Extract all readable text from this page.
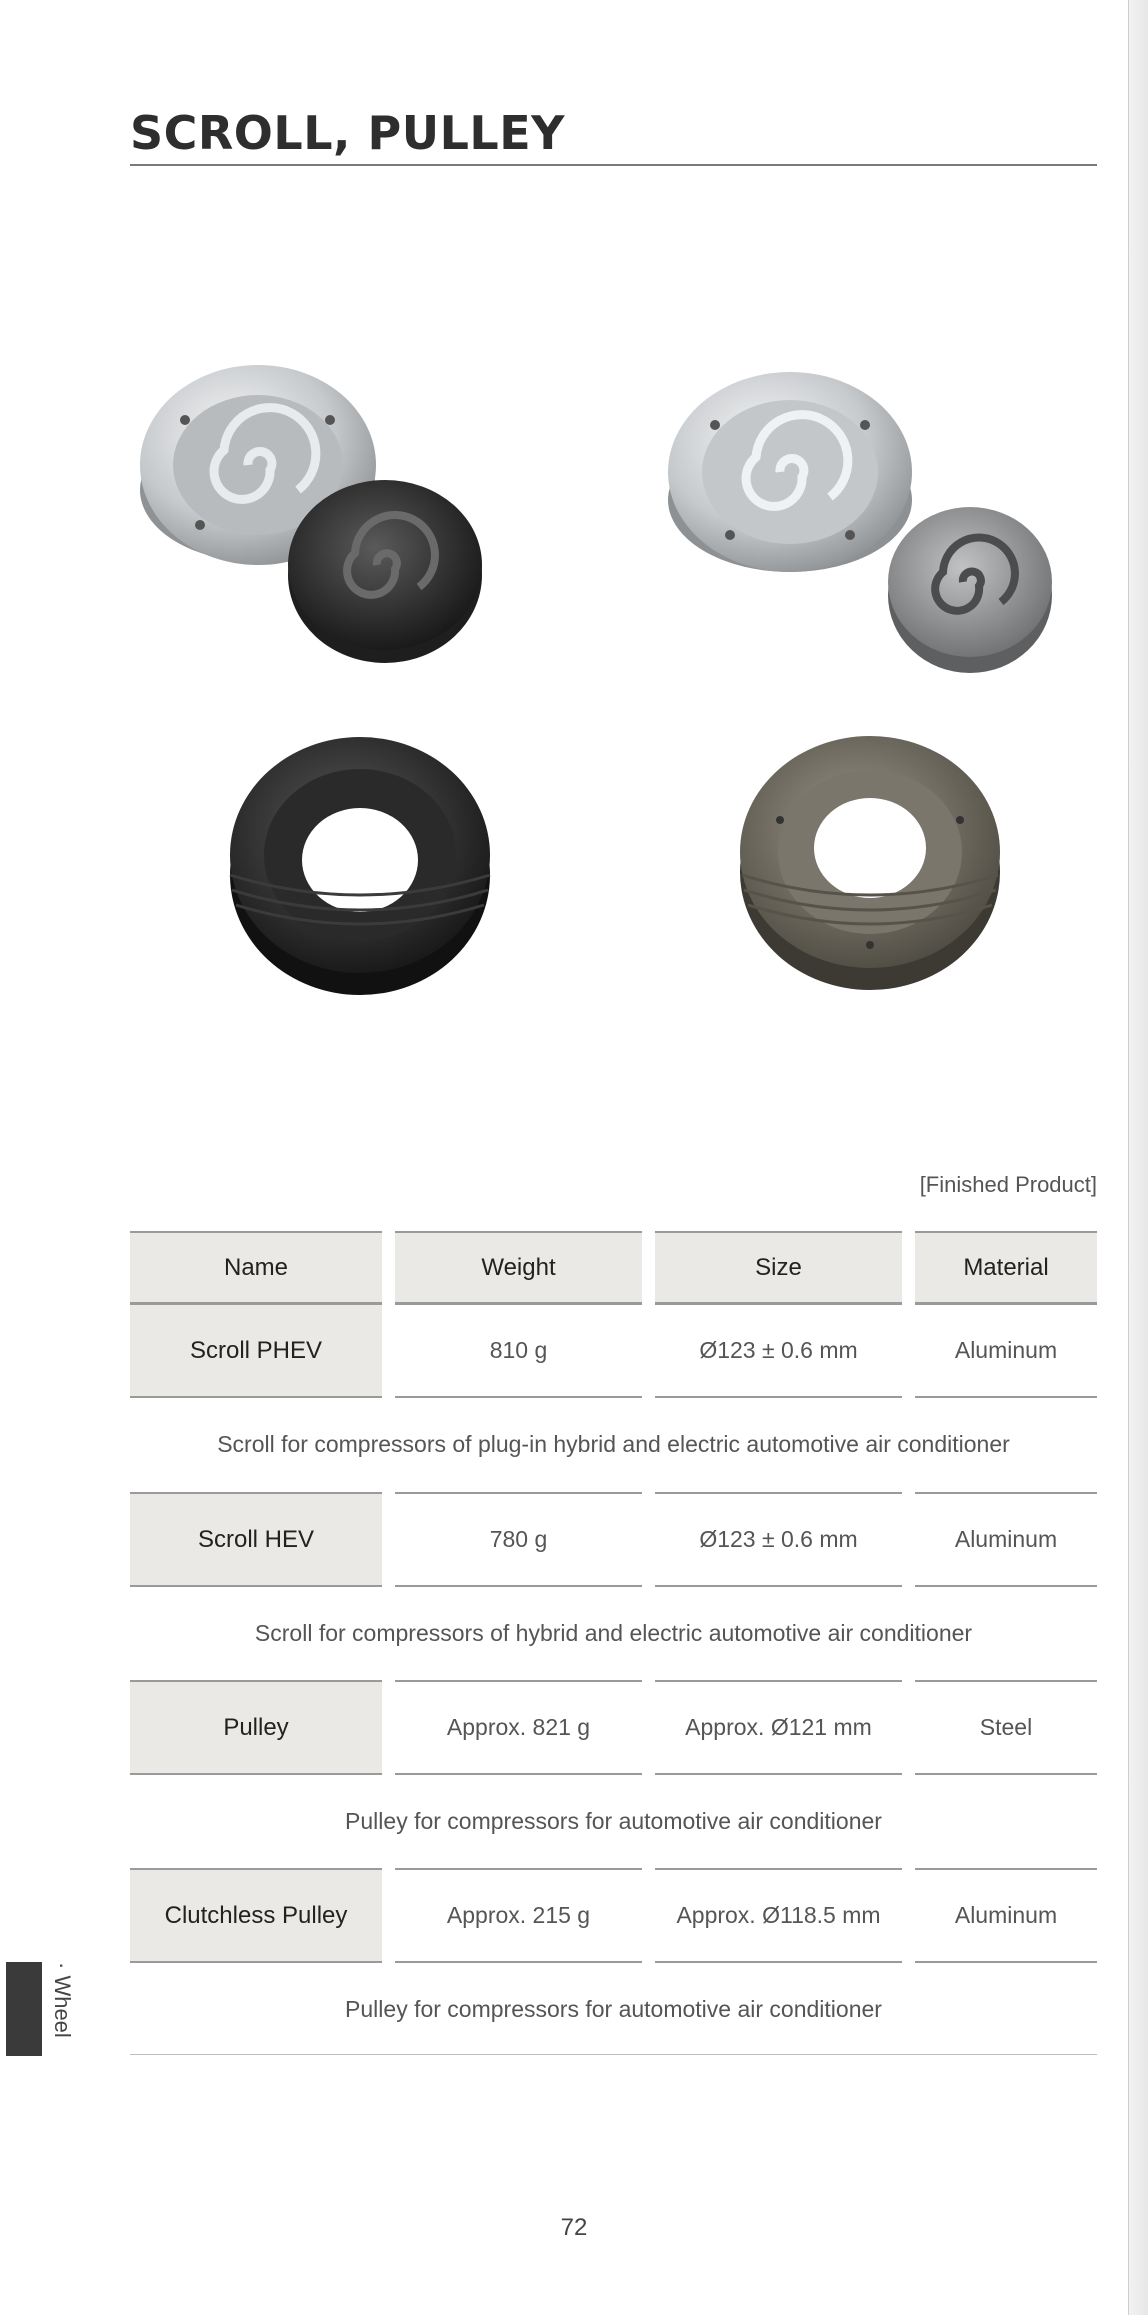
SCROLL, PULLEY
[Finished Product]
Name	Weight	Size	Material
Scroll PHEV	810 g	Ø123 ± 0.6 mm	Aluminum
Scroll for compressors of plug-in hybrid and electric automotive air conditioner
Scroll HEV	780 g	Ø123 ± 0.6 mm	Aluminum
Scroll for compressors of hybrid and electric automotive air conditioner
Pulley	Approx. 821 g	Approx. Ø121 mm	Steel
Pulley for compressors for automotive air conditioner
Clutchless Pulley	Approx. 215 g	Approx. Ø118.5 mm	Aluminum
Pulley for compressors for automotive air conditioner
· Wheel
72
